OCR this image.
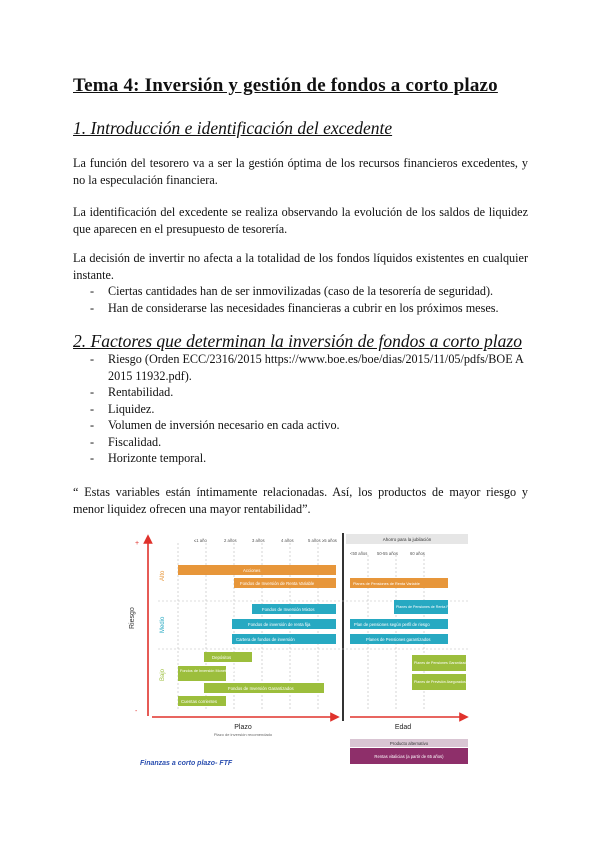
Tema 4: Inversión y gestión de fondos a corto plazo
1. Introducción e identificación del excedente
La función del tesorero va a ser la gestión óptima de los recursos financieros excedentes, y no la especulación financiera.
La identificación del excedente se realiza observando la evolución de los saldos de liquidez que aparecen en el presupuesto de tesorería.
La decisión de invertir no afecta a la totalidad de los fondos líquidos existentes en cualquier instante.
- Ciertas cantidades han de ser inmovilizadas (caso de la tesorería de seguridad).
- Han de considerarse las necesidades financieras a cubrir en los próximos meses.
2. Factores que determinan la inversión de fondos a corto plazo
- Riesgo (Orden ECC/2316/2015 https://www.boe.es/boe/dias/2015/11/05/pdfs/BOE A 2015 11932.pdf).
- Rentabilidad.
- Liquidez.
- Volumen de inversión necesario en cada activo.
- Fiscalidad.
- Horizonte temporal.
“ Estas variables están íntimamente relacionadas. Así, los productos de mayor riesgo y menor liquidez ofrecen una mayor rentabilidad”.
+
-
Riesgo
Alto
Medio
Bajo
≤1 año	2 años	3 años	4 años	5 años ≥5 años	Ahorro para la jubilación
<50 años 50-55 años	60 años
Acciones
Fondos de Inversión de Renta Variable
Fondos de Inversión Mixtos
Fondos de inversión de renta fija
Cartera de fondos de inversión
Depósitos
Fondos de Inversión Monetarios
Fondos de Inversión Garantizados
Cuentas corrientes
Planes de Pensiones de Renta Variable
Planes de Pensiones de Renta Fija
Plan de pensiones según perfil de riesgo
Planes de Pensiones garantizados
Planes de Pensiones Garantizados
Planes de Previsión Asegurados
Plazo
Plazo de inversión recomendado
Edad
Producto alternativo
Rentas vitalicias (a partir de 65 años)
Finanzas a corto plazo- FTF
